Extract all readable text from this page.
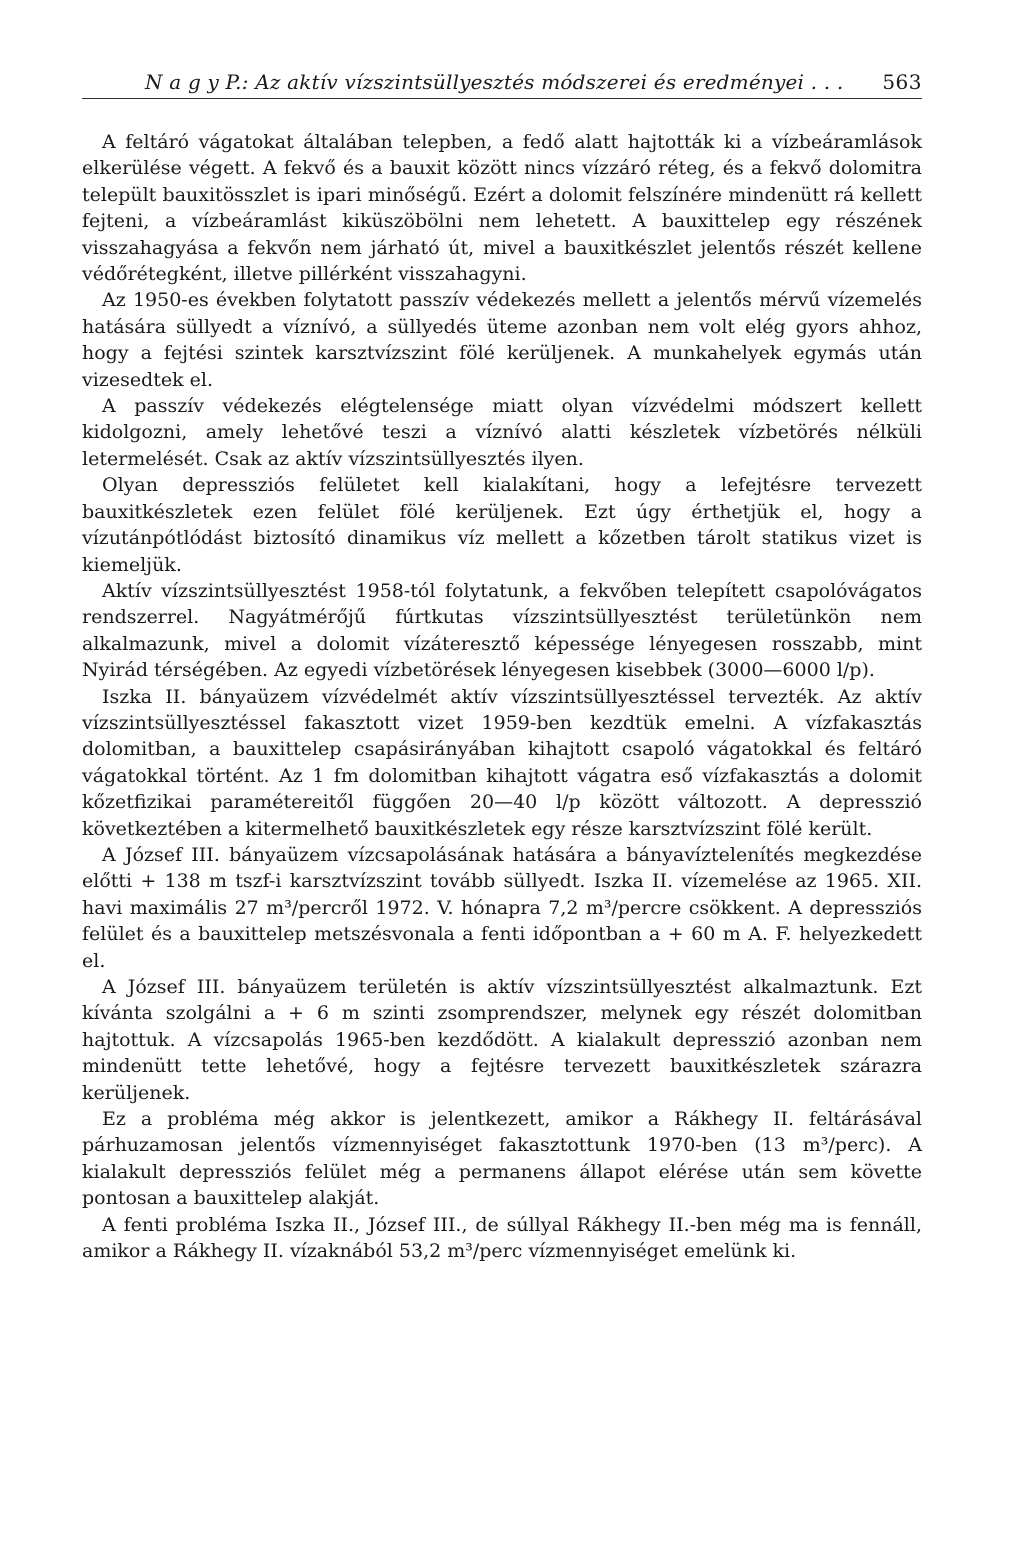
N a g y P.: Az aktív vízszintsüllyesztés módszerei és eredményei . . . 563

A feltáró vágatokat általában telepben, a fedő alatt hajtották ki a vízbeáramlások elkerülése végett. A fekvő és a bauxit között nincs vízzáró réteg, és a fekvő dolomitra települt bauxitösszlet is ipari minőségű. Ezért a dolomit felszínére mindenütt rá kellett fejteni, a vízbeáramlást kiküszöbölni nem lehetett. A bauxittelep egy részének visszahagyása a fekvőn nem járható út, mivel a bauxitkészlet jelentős részét kellene védőrétegként, illetve pillérként visszahagyni.

Az 1950-es években folytatott passzív védekezés mellett a jelentős mérvű vízemelés hatására süllyedt a víznívó, a süllyedés üteme azonban nem volt elég gyors ahhoz, hogy a fejtési szintek karsztvízszint fölé kerüljenek. A munkahelyek egymás után vizesedtek el.

A passzív védekezés elégtelensége miatt olyan vízvédelmi módszert kellett kidolgozni, amely lehetővé teszi a víznívó alatti készletek vízbetörés nélküli letermelését. Csak az aktív vízszintsüllyesztés ilyen.

Olyan depressziós felületet kell kialakítani, hogy a lefejtésre tervezett bauxitkészletek ezen felület fölé kerüljenek. Ezt úgy érthetjük el, hogy a vízutánpótlódást biztosító dinamikus víz mellett a kőzetben tárolt statikus vizet is kiemeljük.

Aktív vízszintsüllyesztést 1958-tól folytatunk, a fekvőben telepített csapolóvágatos rendszerrel. Nagyátmérőjű fúrtkutas vízszintsüllyesztést területünkön nem alkalmazunk, mivel a dolomit vízáteresztő képessége lényegesen rosszabb, mint Nyirád térségében. Az egyedi vízbetörések lényegesen kisebbek (3000—6000 l/p).

Iszka II. bányaüzem vízvédelmét aktív vízszintsüllyesztéssel tervezték. Az aktív vízszintsüllyesztéssel fakasztott vizet 1959-ben kezdtük emelni. A vízfakasztás dolomitban, a bauxittelep csapásirányában kihajtott csapoló vágatokkal és feltáró vágatokkal történt. Az 1 fm dolomitban kihajtott vágatra eső vízfakasztás a dolomit kőzetfizikai paramétereitől függően 20—40 l/p között változott. A depresszió következtében a kitermelhető bauxitkészletek egy része karsztvízszint fölé került.

A József III. bányaüzem vízcsapolásának hatására a bányavíztelenítés megkezdése előtti + 138 m tszf-i karsztvízszint tovább süllyedt. Iszka II. vízemelése az 1965. XII. havi maximális 27 m³/percről 1972. V. hónapra 7,2 m³/percre csökkent. A depressziós felület és a bauxittelep metszésvonala a fenti időpontban a + 60 m A. F. helyezkedett el.

A József III. bányaüzem területén is aktív vízszintsüllyesztést alkalmaztunk. Ezt kívánta szolgálni a + 6 m szinti zsomprendszer, melynek egy részét dolomitban hajtottuk. A vízcsapolás 1965-ben kezdődött. A kialakult depresszió azonban nem mindenütt tette lehetővé, hogy a fejtésre tervezett bauxitkészletek szárazra kerüljenek.

Ez a probléma még akkor is jelentkezett, amikor a Rákhegy II. feltárásával párhuzamosan jelentős vízmennyiséget fakasztottunk 1970-ben (13 m³/perc). A kialakult depressziós felület még a permanens állapot elérése után sem követte pontosan a bauxittelep alakját.

A fenti probléma Iszka II., József III., de súllyal Rákhegy II.-ben még ma is fennáll, amikor a Rákhegy II. vízaknából 53,2 m³/perc vízmennyiséget emelünk ki.
